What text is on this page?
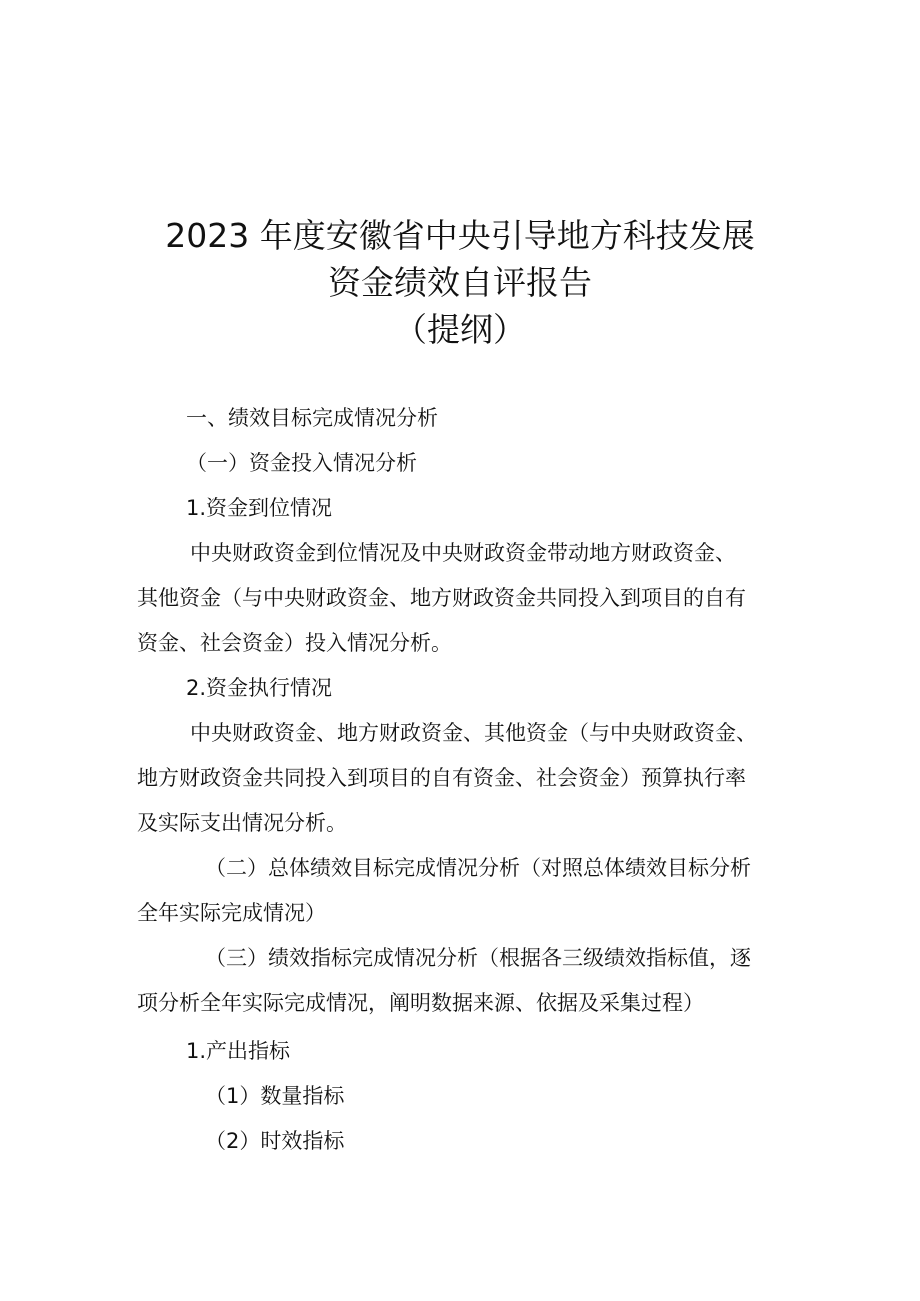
2023 年度安徽省中央引导地方科技发展
资金绩效自评报告
（提纲）
一、绩效目标完成情况分析
（一）资金投入情况分析
1.资金到位情况
中央财政资金到位情况及中央财政资金带动地方财政资金、
其他资金（与中央财政资金、地方财政资金共同投入到项目的自有
资金、社会资金）投入情况分析。
2.资金执行情况
中央财政资金、地方财政资金、其他资金（与中央财政资金、
地方财政资金共同投入到项目的自有资金、社会资金）预算执行率
及实际支出情况分析。
（二）总体绩效目标完成情况分析（对照总体绩效目标分析
全年实际完成情况）
（三）绩效指标完成情况分析（根据各三级绩效指标值，逐
项分析全年实际完成情况，阐明数据来源、依据及采集过程）
1.产出指标
（1）数量指标
（2）时效指标
